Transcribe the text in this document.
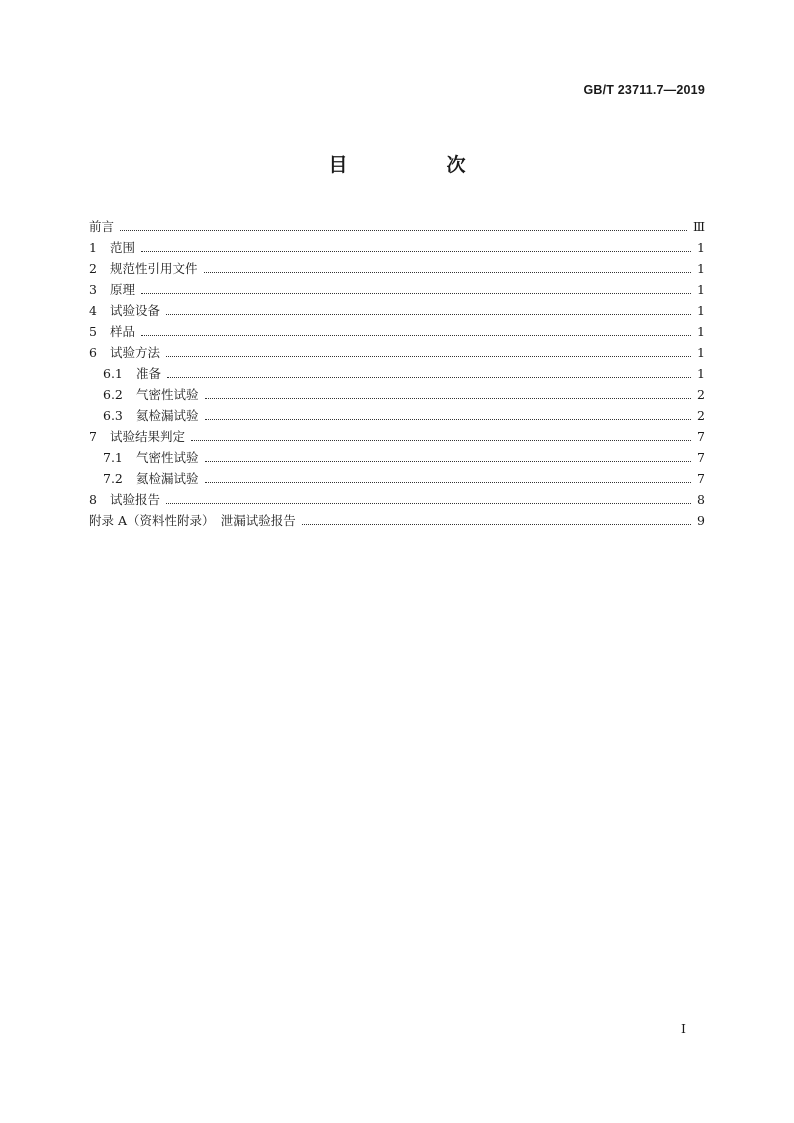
GB/T 23711.7—2019
目　次
前言	Ⅲ
1	范围	1
2	规范性引用文件	1
3	原理	1
4	试验设备	1
5	样品	1
6	试验方法	1
6.1	准备	1
6.2	气密性试验	2
6.3	氦检漏试验	2
7	试验结果判定	7
7.1	气密性试验	7
7.2	氦检漏试验	7
8	试验报告	8
附录 A（资料性附录）　泄漏试验报告	9
I
